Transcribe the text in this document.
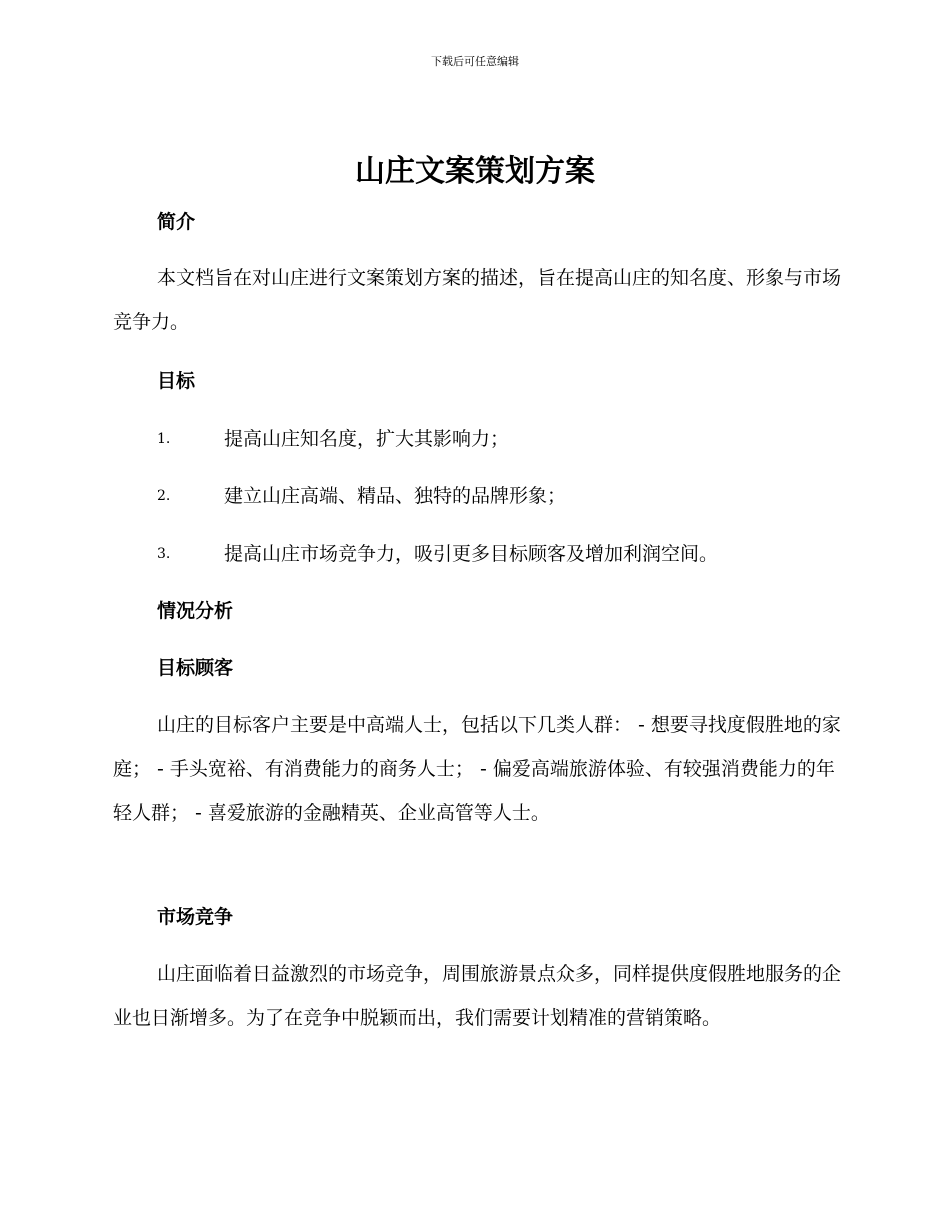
下载后可任意编辑
山庄文案策划方案
简介

本文档旨在对山庄进行文案策划方案的描述，旨在提高山庄的知名度、形象与市场竞争力。

目标
1.	提高山庄知名度，扩大其影响力；
2.	建立山庄高端、精品、独特的品牌形象；
3.	提高山庄市场竞争力，吸引更多目标顾客及增加利润空间。
情况分析
目标顾客

山庄的目标客户主要是中高端人士，包括以下几类人群： - 想要寻找度假胜地的家庭； - 手头宽裕、有消费能力的商务人士； - 偏爱高端旅游体验、有较强消费能力的年轻人群； - 喜爱旅游的金融精英、企业高管等人士。

市场竞争

山庄面临着日益激烈的市场竞争，周围旅游景点众多，同样提供度假胜地服务的企业也日渐增多。为了在竞争中脱颖而出，我们需要计划精准的营销策略。
